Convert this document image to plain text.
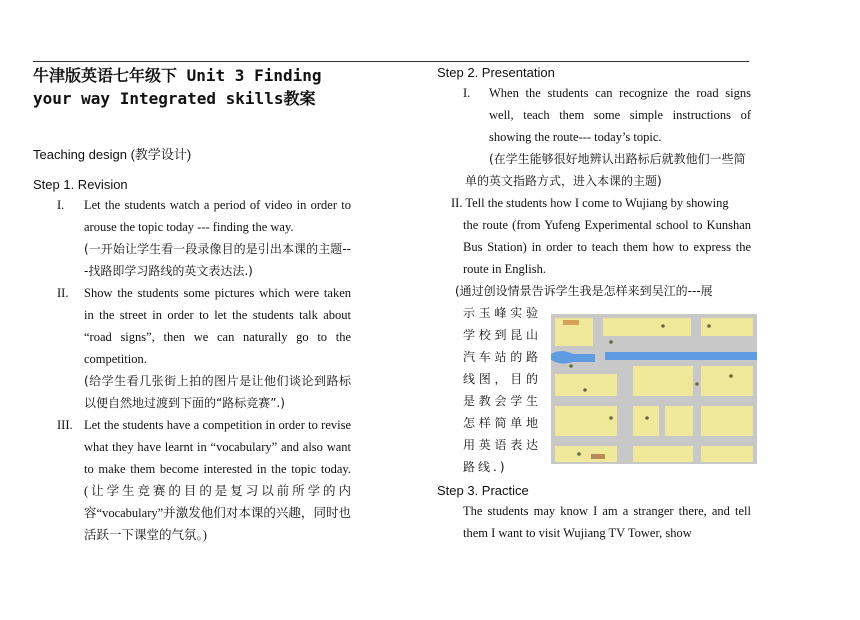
牛津版英语七年级下 Unit 3 Finding
your way Integrated skills教案
Teaching design (教学设计)
Step 1. Revision
I. Let the students watch a period of video in order to arouse the topic today --- finding the way.
(一开始让学生看一段录像目的是引出本课的主题---找路即学习路线的英文表达法.)
II. Show the students some pictures which were taken in the street in order to let the students talk about “road signs”, then we can naturally go to the competition.
(给学生看几张街上拍的图片是让他们谈论到路标以便自然地过渡到下面的“路标竞赛”.)
III. Let the students have a competition in order to revise what they have learnt in “vocabulary” and also want to make them become interested in the topic today.(让学生竞赛的目的是复习以前所学的内容“vocabulary”并激发他们对本课的兴趣，同时也活跃一下课堂的气氛。)
Step 2. Presentation
I. When the students can recognize the road signs well, teach them some simple instructions of showing the route--- today’s topic.
(在学生能够很好地辨认出路标后就教他们一些简单的英文指路方式，进入本课的主题)
II. Tell the students how I come to Wujiang by showing
the route (from Yufeng Experimental school to Kunshan Bus Station) in order to teach them how to express the route in English.
(通过创设情景告诉学生我是怎样来到吴江的---展
示玉峰实验学校到昆山汽车站的路线图，目的是教会学生怎样简单地用英语表达路线.)
Step 3. Practice
The students may know I am a stranger there, and tell them I want to visit Wujiang TV Tower, show
